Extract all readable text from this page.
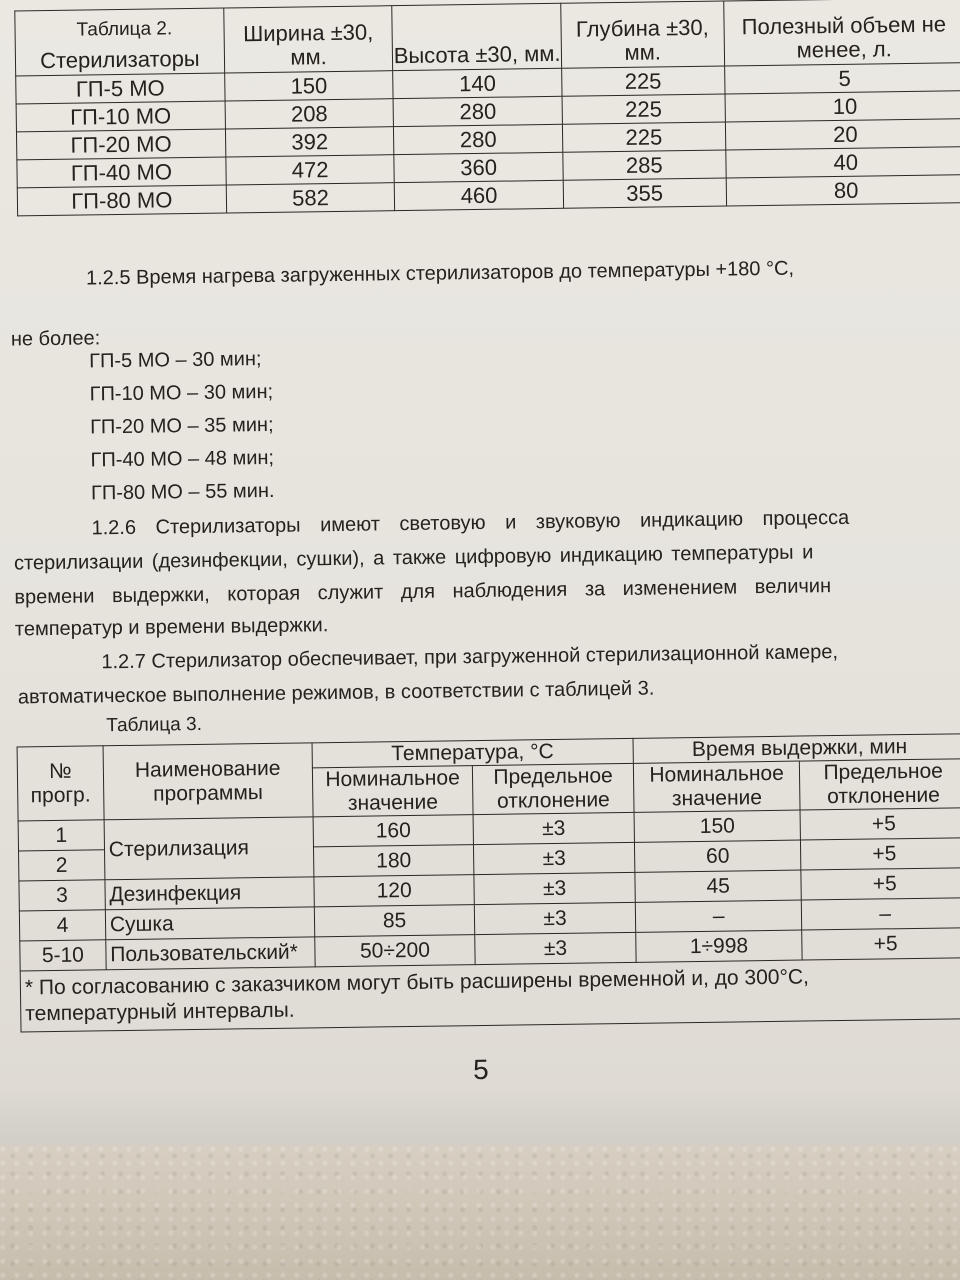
Таблица 2.
Стерилизаторы	Ширина ±30, мм.	Высота ±30, мм.	Глубина ±30, мм.	Полезный объем не менее, л.
ГП-5 МО	150	140	225	5
ГП-10 МО	208	280	225	10
ГП-20 МО	392	280	225	20
ГП-40 МО	472	360	285	40
ГП-80 МО	582	460	355	80
1.2.5 Время нагрева загруженных стерилизаторов до температуры +180 °С,
не более:
ГП-5 МО – 30 мин;
ГП-10 МО – 30 мин;
ГП-20 МО – 35 мин;
ГП-40 МО – 48 мин;
ГП-80 МО – 55 мин.
1.2.6 Стерилизаторы имеют световую и звуковую индикацию процесса
стерилизации (дезинфекции, сушки), а также цифровую индикацию температуры и
времени выдержки, которая служит для наблюдения за изменением величин
температур и времени выдержки.
1.2.7 Стерилизатор обеспечивает, при загруженной стерилизационной камере,
автоматическое выполнение режимов, в соответствии с таблицей 3.
Таблица 3.
№ прогр.	Наименование программы	Температура, °С		Время выдержки, мин	
		Номинальное значение	Предельное отклонение	Номинальное значение	Предельное отклонение
1	Стерилизация	160	±3	150	+5
2		180	±3	60	+5
3	Дезинфекция	120	±3	45	+5
4	Сушка	85	±3	–	–
5-10	Пользовательский*	50÷200	±3	1÷998	+5
* По согласованию с заказчиком могут быть расширены временной и, до 300°С, температурный интервалы.					
5
